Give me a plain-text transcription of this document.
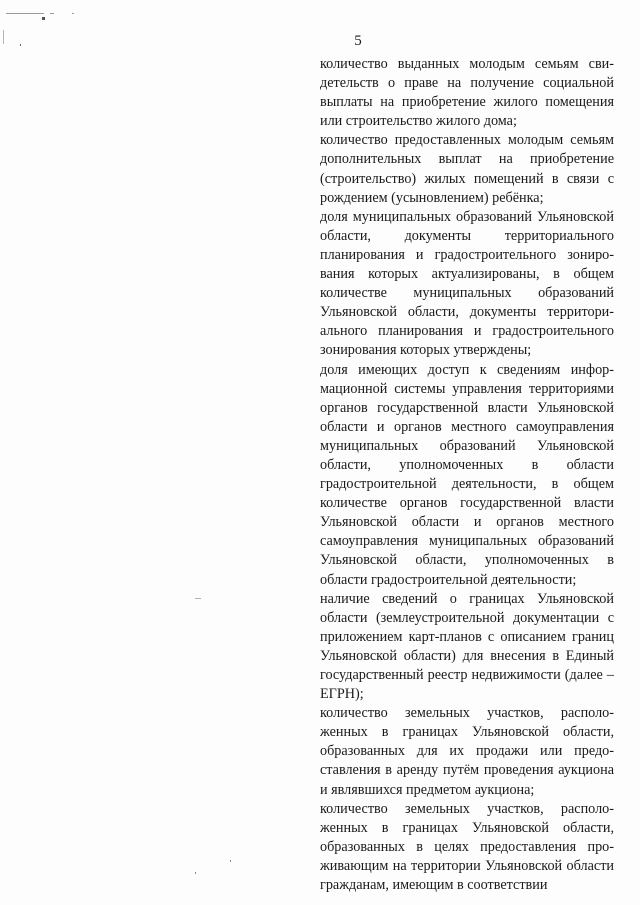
5

количество выданных молодым семьям свидетельств о праве на получение социальной выплаты на приобретение жилого помещения или строительство жилого дома;

количество предоставленных молодым семьям дополнительных выплат на приобретение (строительство) жилых помещений в связи с рождением (усыновлением) ребёнка;

доля муниципальных образований Ульяновской области, документы территориального планирования и градостроительного зонирования которых актуализированы, в общем количестве муниципальных образований Ульяновской области, документы территориального планирования и градостроительного зонирования которых утверждены;

доля имеющих доступ к сведениям информационной системы управления территориями органов государственной власти Ульяновской области и органов местного самоуправления муниципальных образований Ульяновской области, уполномоченных в области градостроительной деятельности, в общем количестве органов государственной власти Ульяновской области и органов местного самоуправления муниципальных образований Ульяновской области, уполномоченных в области градостроительной деятельности;

наличие сведений о границах Ульяновской области (землеустроительной документации с приложением карт-планов с описанием границ Ульяновской области) для внесения в Единый государственный реестр недвижимости (далее – ЕГРН);

количество земельных участков, расположенных в границах Ульяновской области, образованных для их продажи или предоставления в аренду путём проведения аукциона и являвшихся предметом аукциона;

количество земельных участков, расположенных в границах Ульяновской области, образованных в целях предоставления проживающим на территории Ульяновской области гражданам, имеющим в соответствии
